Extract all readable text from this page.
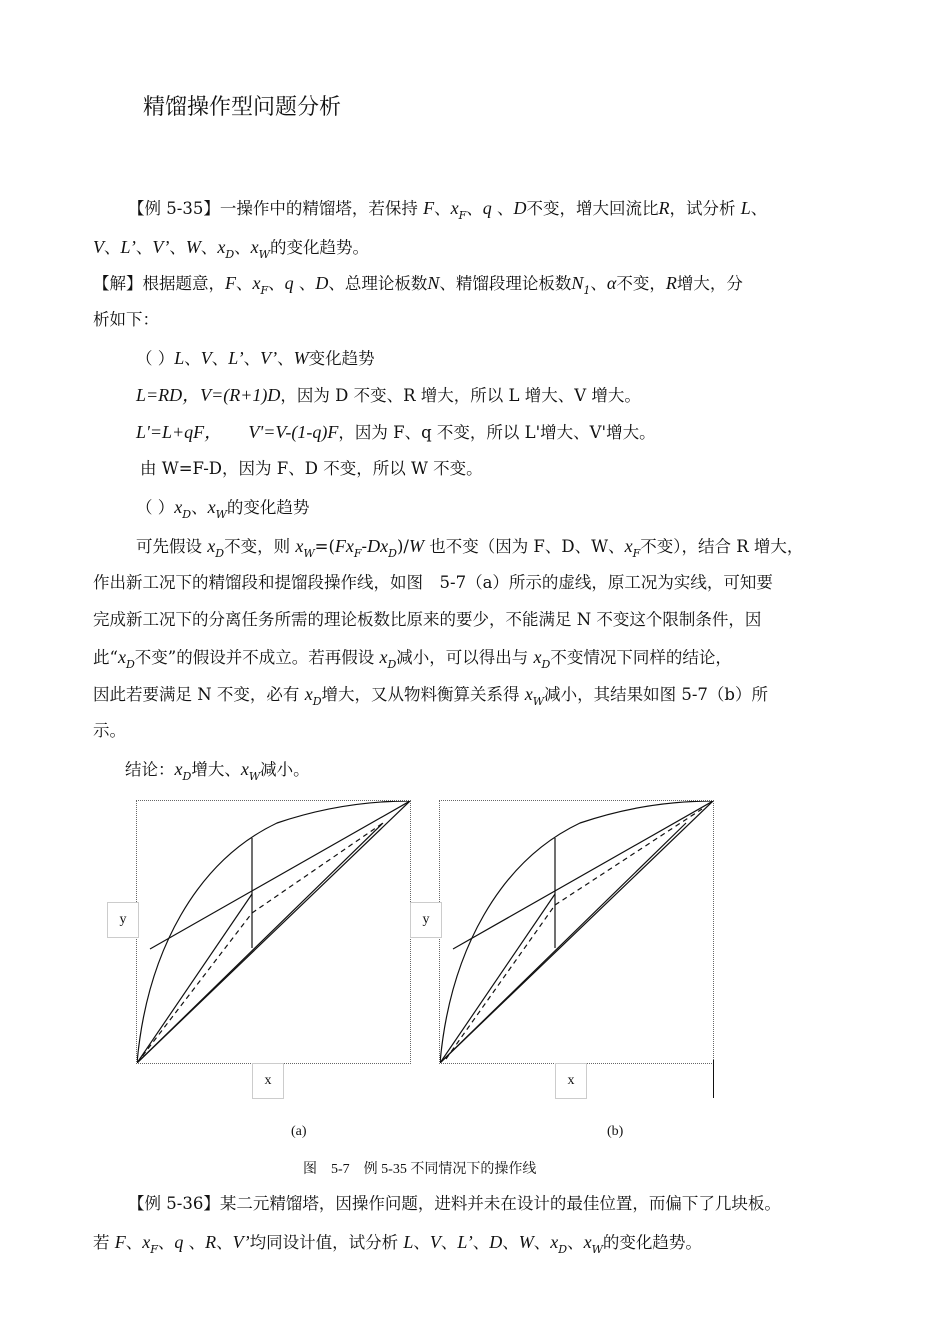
精馏操作型问题分析
【例 5-35】一操作中的精馏塔，若保持 F、$x_F$、q 、D不变，增大回流比R，试分析 L、
V、L’、V’、W、$x_D$、$x_W$的变化趋势。
【解】根据题意，F、$x_F$、q 、D、总理论板数N、精馏段理论板数$N_1$、α不变，R增大，分
析如下：
（ ）L、V、L’、V’、W变化趋势
L=RD，V=(R+1)D，因为 D 不变、R 增大，所以 L 增大、V 增大。
L'=L+qF， V'=V-(1-q)F，因为 F、q 不变，所以 L'增大、V'增大。
由 W=F-D，因为 F、D 不变，所以 W 不变。
（ ）$x_D$、$x_W$的变化趋势
可先假设 $x_D$不变，则 $x_W=(Fx_F-Dx_D)/W$ 也不变（因为 F、D、W、$x_F$不变），结合 R 增大，
作出新工况下的精馏段和提馏段操作线，如图　5-7（a）所示的虚线，原工况为实线，可知要
完成新工况下的分离任务所需的理论板数比原来的要少，不能满足 N 不变这个限制条件，因
此“$x_D$不变”的假设并不成立。若再假设 $x_D$减小，可以得出与 $x_D$不变情况下同样的结论，
因此若要满足 N 不变，必有 $x_D$增大，又从物料衡算关系得 $x_W$减小，其结果如图 5-7（b）所
示。
结论：$x_D$增大、$x_W$减小。
y
x
y
x
(a)	(b)
图　5-7　例 5-35 不同情况下的操作线
【例 5-36】某二元精馏塔，因操作问题，进料并未在设计的最佳位置，而偏下了几块板。
若 F、$x_F$、q 、R、V’均同设计值，试分析 L、V、L’、D、W、$x_D$、$x_W$的变化趋势。
